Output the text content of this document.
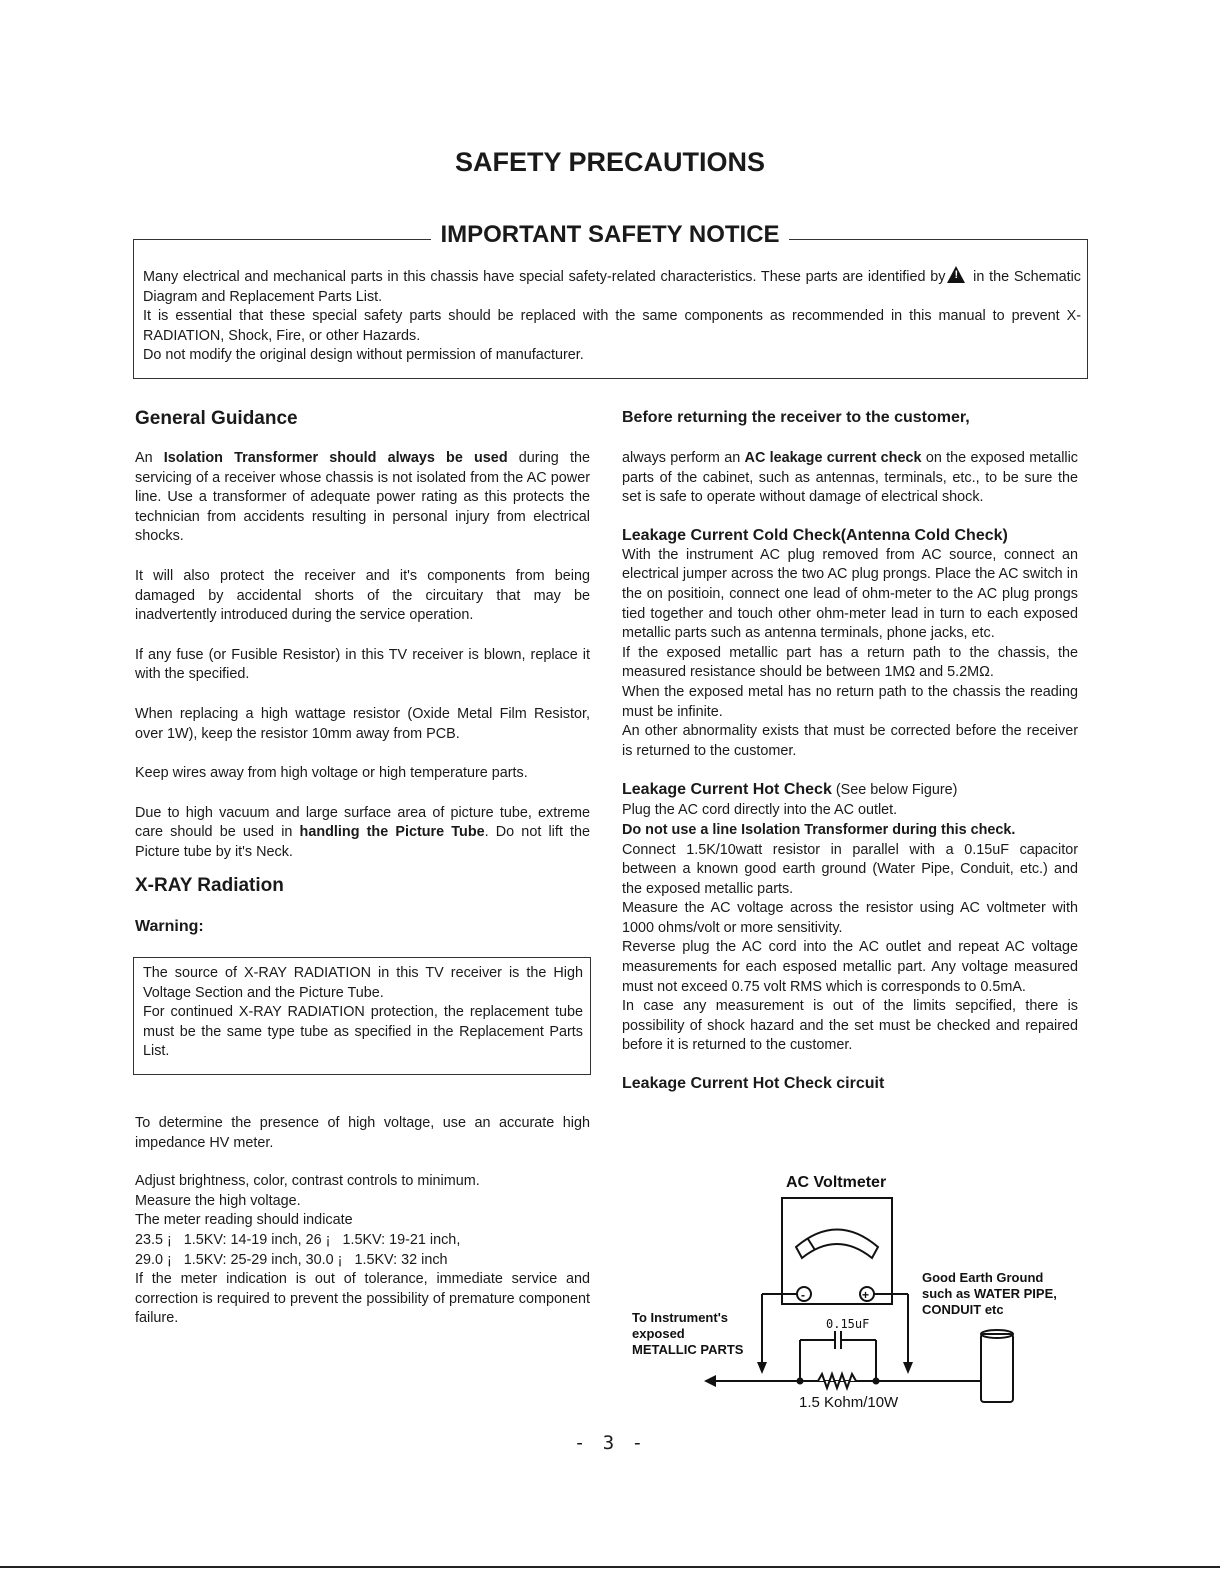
SAFETY PRECAUTIONS
IMPORTANT SAFETY NOTICE

Many electrical and mechanical parts in this chassis have special safety-related characteristics. These parts are identified by! in the Schematic Diagram and Replacement Parts List.

It is essential that these special safety parts should be replaced with the same components as recommended in this manual to prevent X-RADIATION, Shock, Fire, or other Hazards.

Do not modify the original design without permission of manufacturer.

General Guidance

An Isolation Transformer should always be used during the servicing of a receiver whose chassis is not isolated from the AC power line. Use a transformer of adequate power rating as this protects the technician from accidents resulting in personal injury from electrical shocks.

It will also protect the receiver and it's components from being damaged by accidental shorts of the circuitary that may be inadvertently introduced during the service operation.

If any fuse (or Fusible Resistor) in this TV receiver is blown, replace it with the specified.

When replacing a high wattage resistor (Oxide Metal Film Resistor, over 1W), keep the resistor 10mm away from PCB.

Keep wires away from high voltage or high temperature parts.

Due to high vacuum and large surface area of picture tube, extreme care should be used in handling the Picture Tube. Do not lift the Picture tube by it's Neck.

X-RAY Radiation
Warning:

The source of X-RAY RADIATION in this TV receiver is the High Voltage Section and the Picture Tube.

For continued X-RAY RADIATION protection, the replacement tube must be the same type tube as specified in the Replacement Parts List.

To determine the presence of high voltage, use an accurate high impedance HV meter.

Adjust brightness, color, contrast controls to minimum.
Measure the high voltage.
The meter reading should indicate
23.5 ¡   1.5KV: 14-19 inch, 26 ¡   1.5KV: 19-21 inch,
29.0 ¡   1.5KV: 25-29 inch, 30.0 ¡   1.5KV: 32 inch

If the meter indication is out of tolerance, immediate service and correction is required to prevent the possibility of premature component failure.

Before returning the receiver to the customer,

always perform an AC leakage current check on the exposed metallic parts of the cabinet, such as antennas, terminals, etc., to be sure the set is safe to operate without damage of electrical shock.

Leakage Current Cold Check(Antenna Cold Check)

With the instrument AC plug removed from AC source, connect an electrical jumper across the two AC plug prongs. Place the AC switch in the on positioin, connect one lead of ohm-meter to the AC plug prongs tied together and touch other ohm-meter lead in turn to each exposed metallic parts such as antenna terminals, phone jacks, etc.

If the exposed metallic part has a return path to the chassis, the measured resistance should be between 1MΩ and 5.2MΩ.

When the exposed metal has no return path to the chassis the reading must be infinite.

An other abnormality exists that must be corrected before the receiver is returned to the customer.

Leakage Current Hot Check (See below Figure)

Plug the AC cord directly into the AC outlet.

Do not use a line Isolation Transformer during this check.

Connect 1.5K/10watt resistor in parallel with a 0.15uF capacitor between a known good earth ground (Water Pipe, Conduit, etc.) and the exposed metallic parts.

Measure the AC voltage across the resistor using AC voltmeter with 1000 ohms/volt or more sensitivity.

Reverse plug the AC cord into the AC outlet and repeat AC voltage measurements for each esposed metallic part. Any voltage measured must not exceed 0.75 volt RMS which is corresponds to 0.5mA.

In case any measurement is out of the limits sepcified, there is possibility of shock hazard and the set must be checked and repaired before it is returned to the customer.

Leakage Current Hot Check circuit
AC Voltmeter
-	+
0.15uF
1.5 Kohm/10W
To Instrument's
exposed
METALLIC PARTS
Good Earth Ground
such as WATER PIPE,
CONDUIT etc
- 3 -
